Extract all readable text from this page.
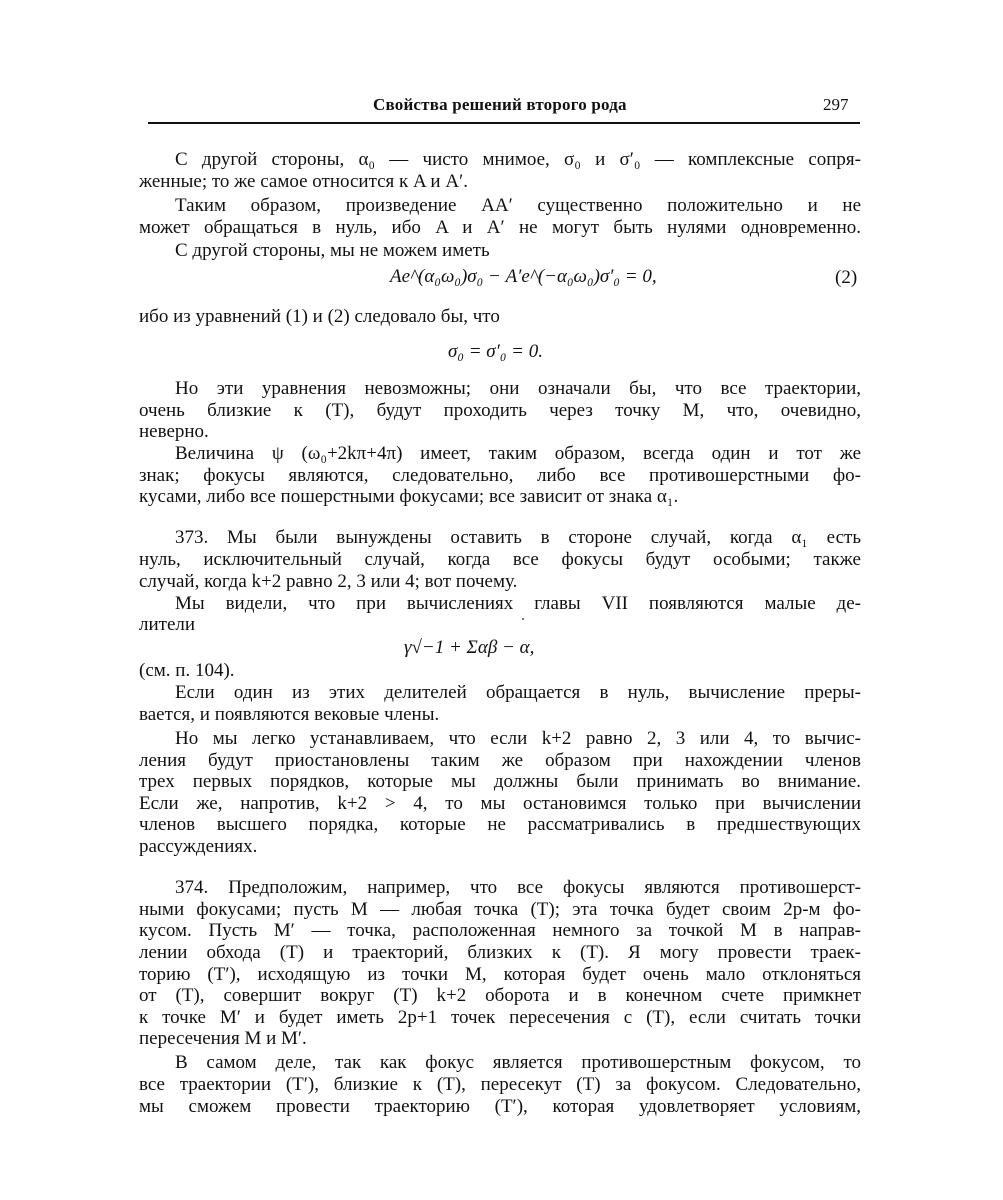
Свойства решений второго рода	297
С другой стороны, α₀ — чисто мнимое, σ₀ и σ′₀ — комплексные сопря-
женные; то же самое относится к A и A′.
Таким образом, произведение AA′ существенно положительно и не
может обращаться в нуль, ибо A и A′ не могут быть нулями одновременно.
С другой стороны, мы не можем иметь
Ae^(α₀ω₀)σ₀ − A′e^(−α₀ω₀)σ′₀ = 0,	(2)
ибо из уравнений (1) и (2) следовало бы, что
σ₀ = σ′₀ = 0.
Но эти уравнения невозможны; они означали бы, что все траектории,
очень близкие к (T), будут проходить через точку M, что, очевидно,
неверно.
Величина ψ (ω₀+2kπ+4π) имеет, таким образом, всегда один и тот же
знак; фокусы являются, следовательно, либо все противошерстными фо-
кусами, либо все пошерстными фокусами; все зависит от знака α₁.
373. Мы были вынуждены оставить в стороне случай, когда α₁ есть
нуль, исключительный случай, когда все фокусы будут особыми; также
случай, когда k+2 равно 2, 3 или 4; вот почему.
Мы видели, что при вычислениях главы VII появляются малые де-
лители
γ√−1 + Σαβ − α,
(см. п. 104).
Если один из этих делителей обращается в нуль, вычисление преры-
вается, и появляются вековые члены.
Но мы легко устанавливаем, что если k+2 равно 2, 3 или 4, то вычис-
ления будут приостановлены таким же образом при нахождении членов
трех первых порядков, которые мы должны были принимать во внимание.
Если же, напротив, k+2 > 4, то мы остановимся только при вычислении
членов высшего порядка, которые не рассматривались в предшествующих
рассуждениях.
374. Предположим, например, что все фокусы являются противошерст-
ными фокусами; пусть M — любая точка (T); эта точка будет своим 2p-м фо-
кусом. Пусть M′ — точка, расположенная немного за точкой M в направ-
лении обхода (T) и траекторий, близких к (T). Я могу провести траек-
торию (T′), исходящую из точки M, которая будет очень мало отклоняться
от (T), совершит вокруг (T) k+2 оборота и в конечном счете примкнет
к точке M′ и будет иметь 2p+1 точек пересечения с (T), если считать точки
пересечения M и M′.
В самом деле, так как фокус является противошерстным фокусом, то
все траектории (T′), близкие к (T), пересекут (T) за фокусом. Следовательно,
мы сможем провести траекторию (T′), которая удовлетворяет условиям,
